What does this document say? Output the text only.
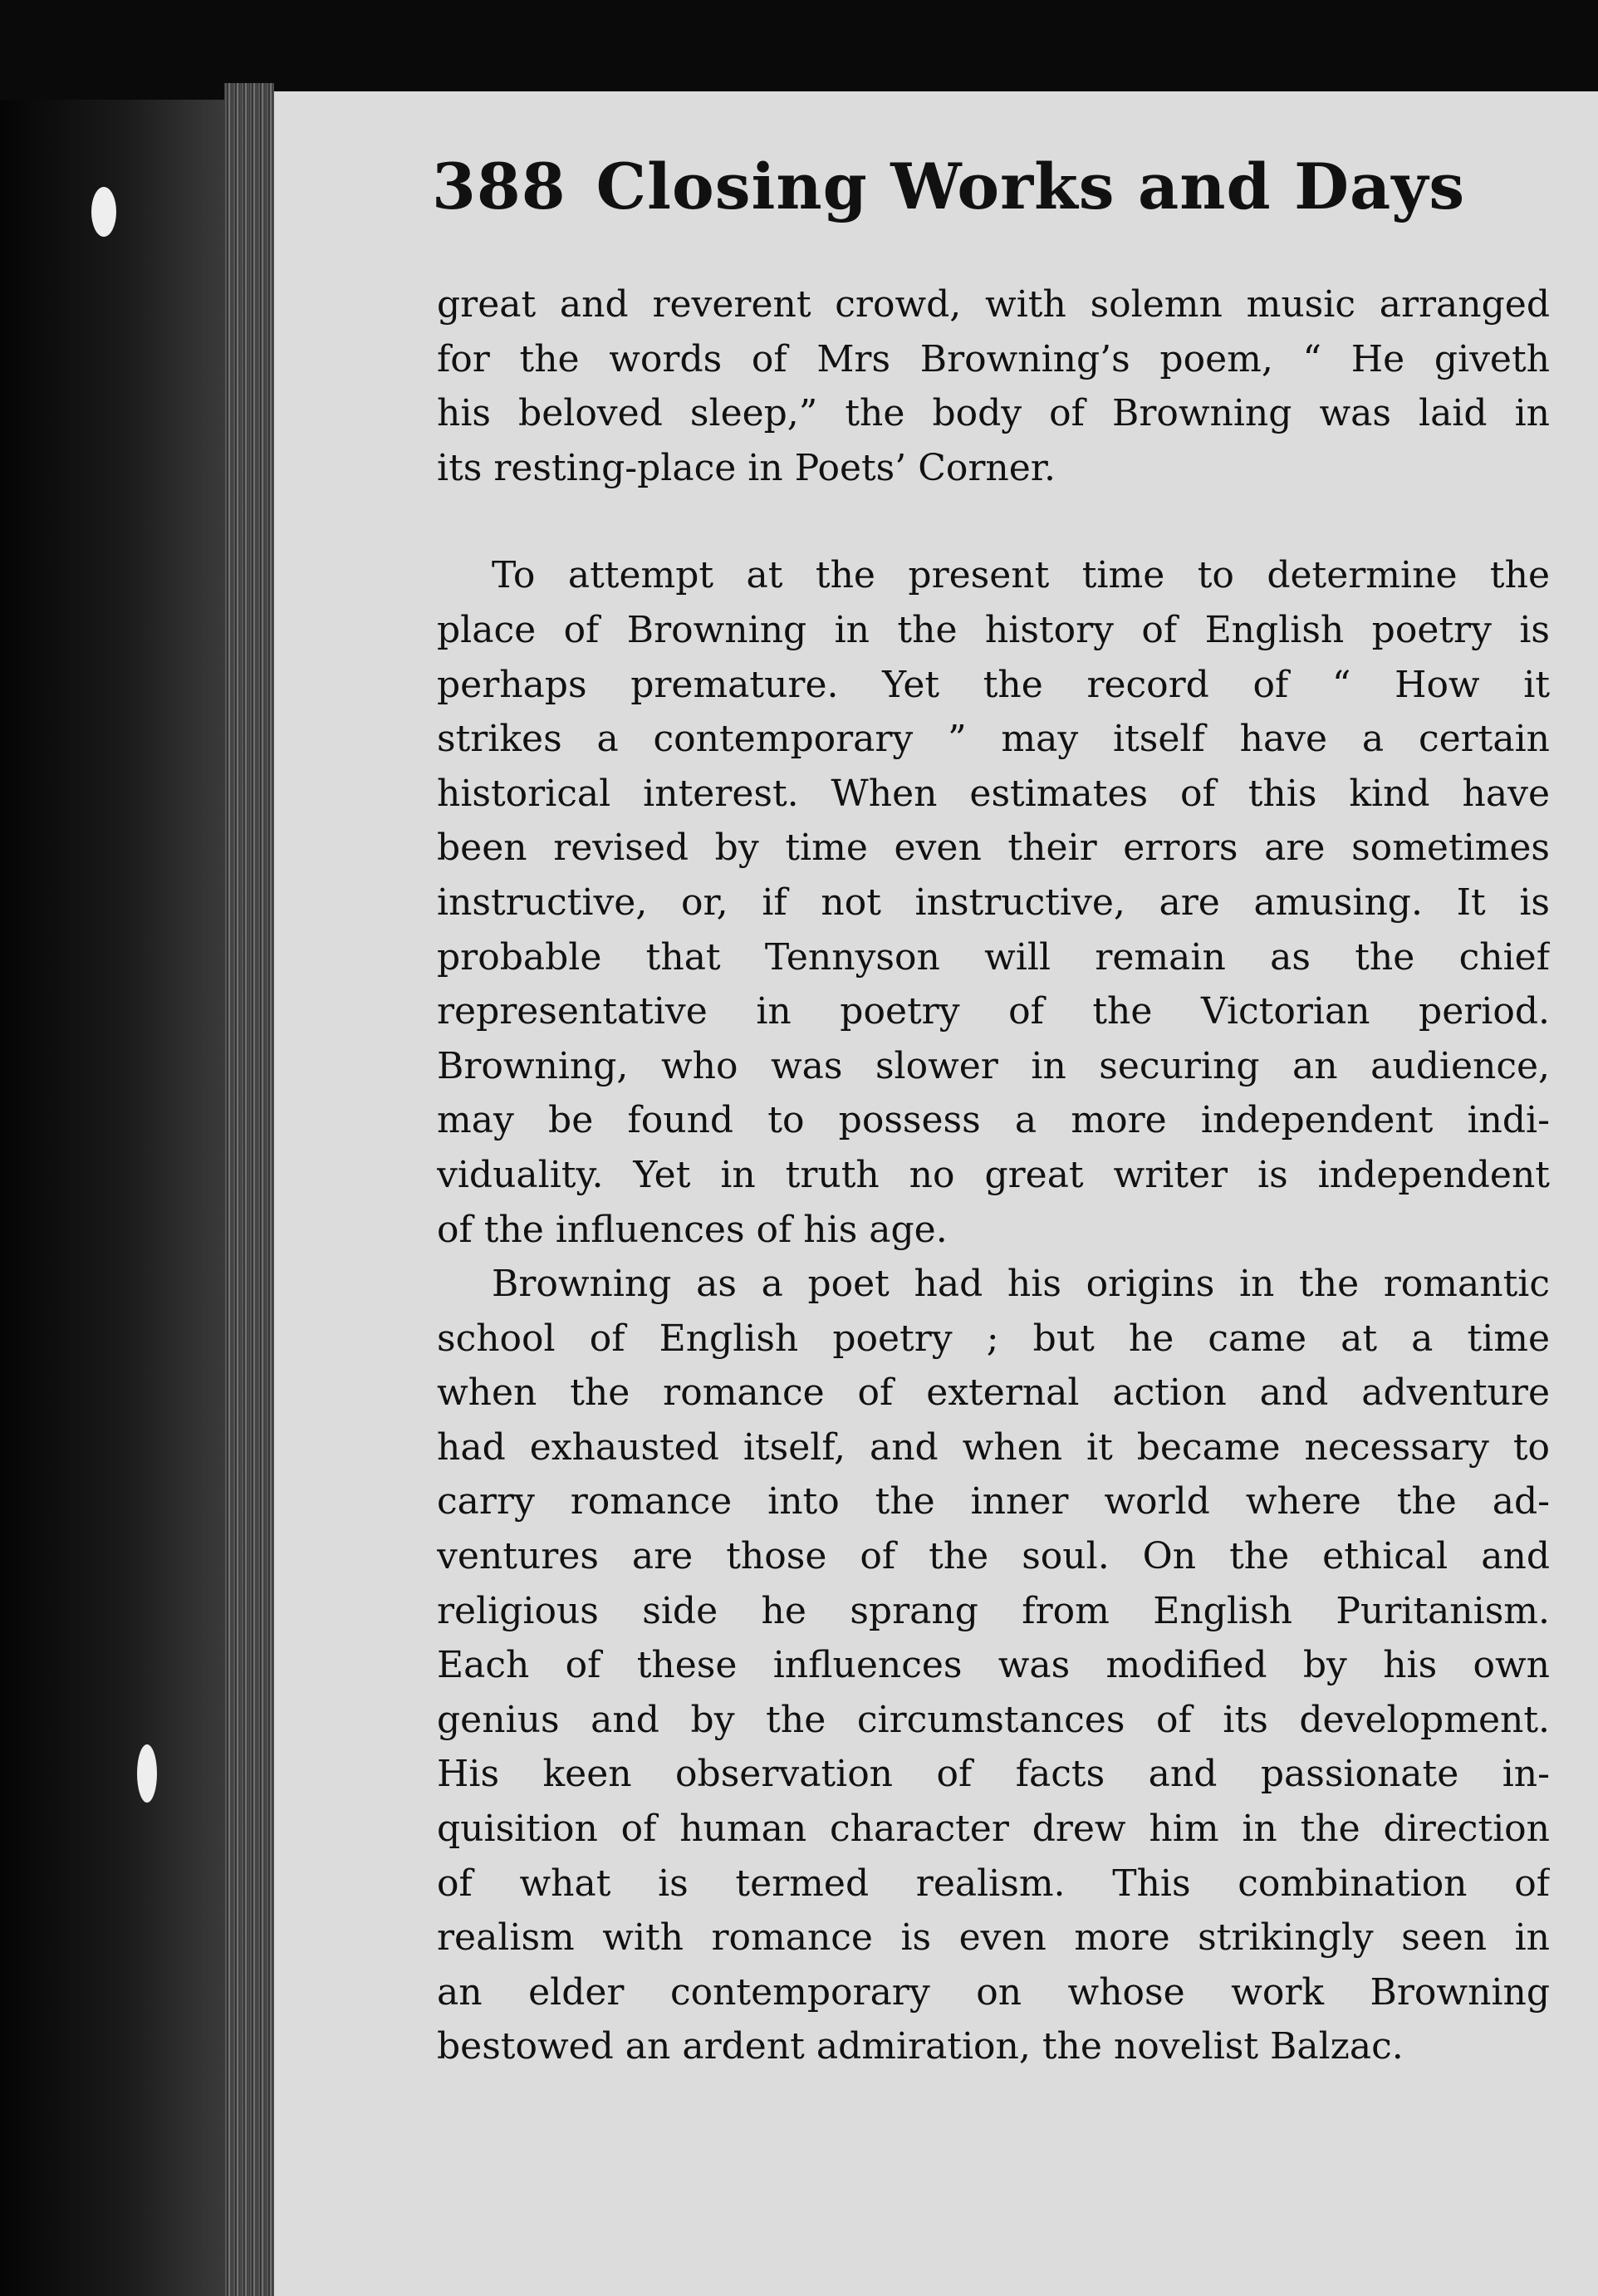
388 Closing Works and Days
great and reverent crowd, with solemn music arranged
for the words of Mrs Browning’s poem, “ He giveth
his beloved sleep,” the body of Browning was laid in
its resting-place in Poets’ Corner.
To attempt at the present time to determine the
place of Browning in the history of English poetry is
perhaps premature. Yet the record of “ How it
strikes a contemporary ” may itself have a certain
historical interest. When estimates of this kind have
been revised by time even their errors are sometimes
instructive, or, if not instructive, are amusing. It is
probable that Tennyson will remain as the chief
representative in poetry of the Victorian period.
Browning, who was slower in securing an audience,
may be found to possess a more independent indi-
viduality. Yet in truth no great writer is independent
of the influences of his age.
Browning as a poet had his origins in the romantic
school of English poetry ; but he came at a time
when the romance of external action and adventure
had exhausted itself, and when it became necessary to
carry romance into the inner world where the ad-
ventures are those of the soul. On the ethical and
religious side he sprang from English Puritanism.
Each of these influences was modified by his own
genius and by the circumstances of its development.
His keen observation of facts and passionate in-
quisition of human character drew him in the direction
of what is termed realism. This combination of
realism with romance is even more strikingly seen in
an elder contemporary on whose work Browning
bestowed an ardent admiration, the novelist Balzac.
